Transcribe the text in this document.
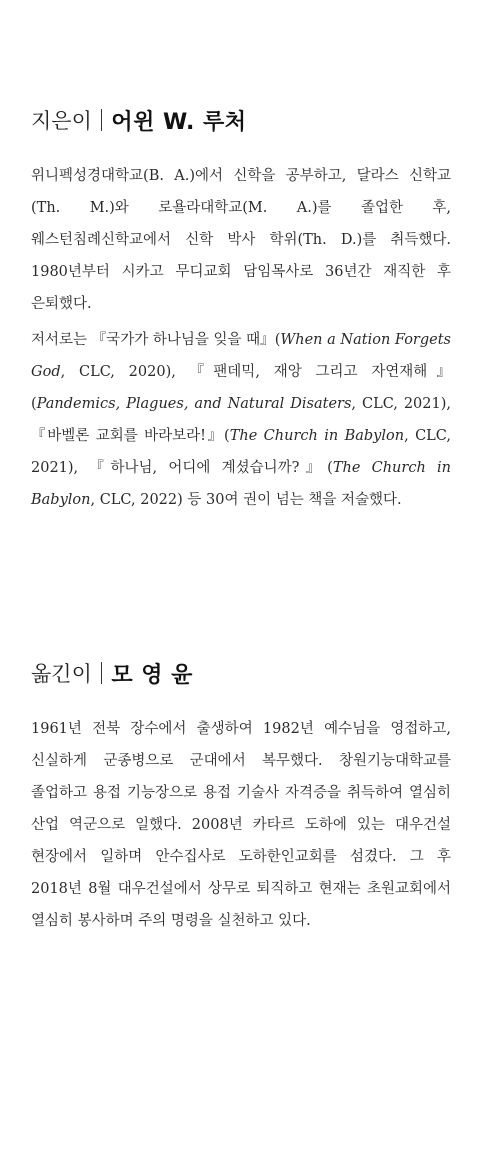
지은이 어윈 W. 루처

위니펙성경대학교(B. A.)에서 신학을 공부하고, 달라스 신학교(Th. M.)와 로욜라대학교(M. A.)를 졸업한 후, 웨스턴침례신학교에서 신학 박사 학위(Th. D.)를 취득했다. 1980년부터 시카고 무디교회 담임목사로 36년간 재직한 후 은퇴했다.

저서로는 『국가가 하나님을 잊을 때』(When a Nation Forgets God, CLC, 2020), 『팬데믹, 재앙 그리고 자연재해』(Pandemics, Plagues, and Natural Disaters, CLC, 2021), 『바벨론 교회를 바라보라!』(The Church in Babylon, CLC, 2021), 『하나님, 어디에 계셨습니까?』(The Church in Babylon, CLC, 2022) 등 30여 권이 넘는 책을 저술했다.

옮긴이 모 영 윤

1961년 전북 장수에서 출생하여 1982년 예수님을 영접하고, 신실하게 군종병으로 군대에서 복무했다. 창원기능대학교를 졸업하고 용접 기능장으로 용접 기술사 자격증을 취득하여 열심히 산업 역군으로 일했다. 2008년 카타르 도하에 있는 대우건설 현장에서 일하며 안수집사로 도하한인교회를 섬겼다. 그 후 2018년 8월 대우건설에서 상무로 퇴직하고 현재는 초원교회에서 열심히 봉사하며 주의 명령을 실천하고 있다.
